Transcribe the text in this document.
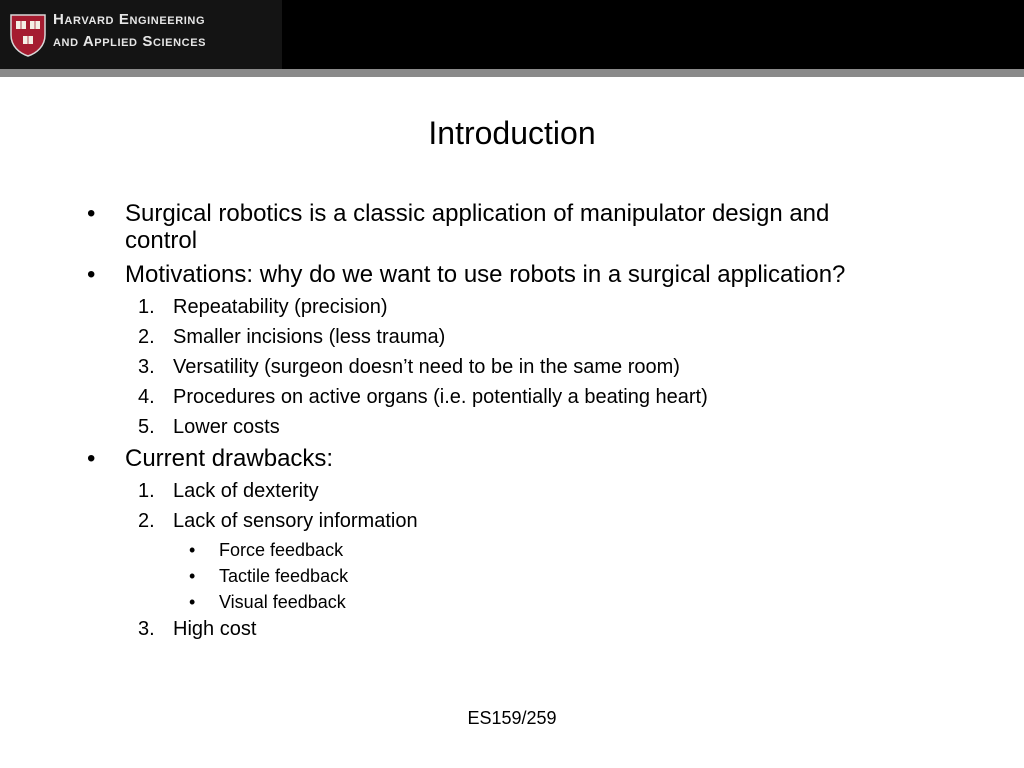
Harvard Engineering
and Applied Sciences
Introduction
• Surgical robotics is a classic application of manipulator design and control
• Motivations: why do we want to use robots in a surgical application?
1. Repeatability (precision)
2. Smaller incisions (less trauma)
3. Versatility (surgeon doesn’t need to be in the same room)
4. Procedures on active organs (i.e. potentially a beating heart)
5. Lower costs
• Current drawbacks:
1. Lack of dexterity
2. Lack of sensory information
• Force feedback
• Tactile feedback
• Visual feedback
3. High cost
ES159/259
